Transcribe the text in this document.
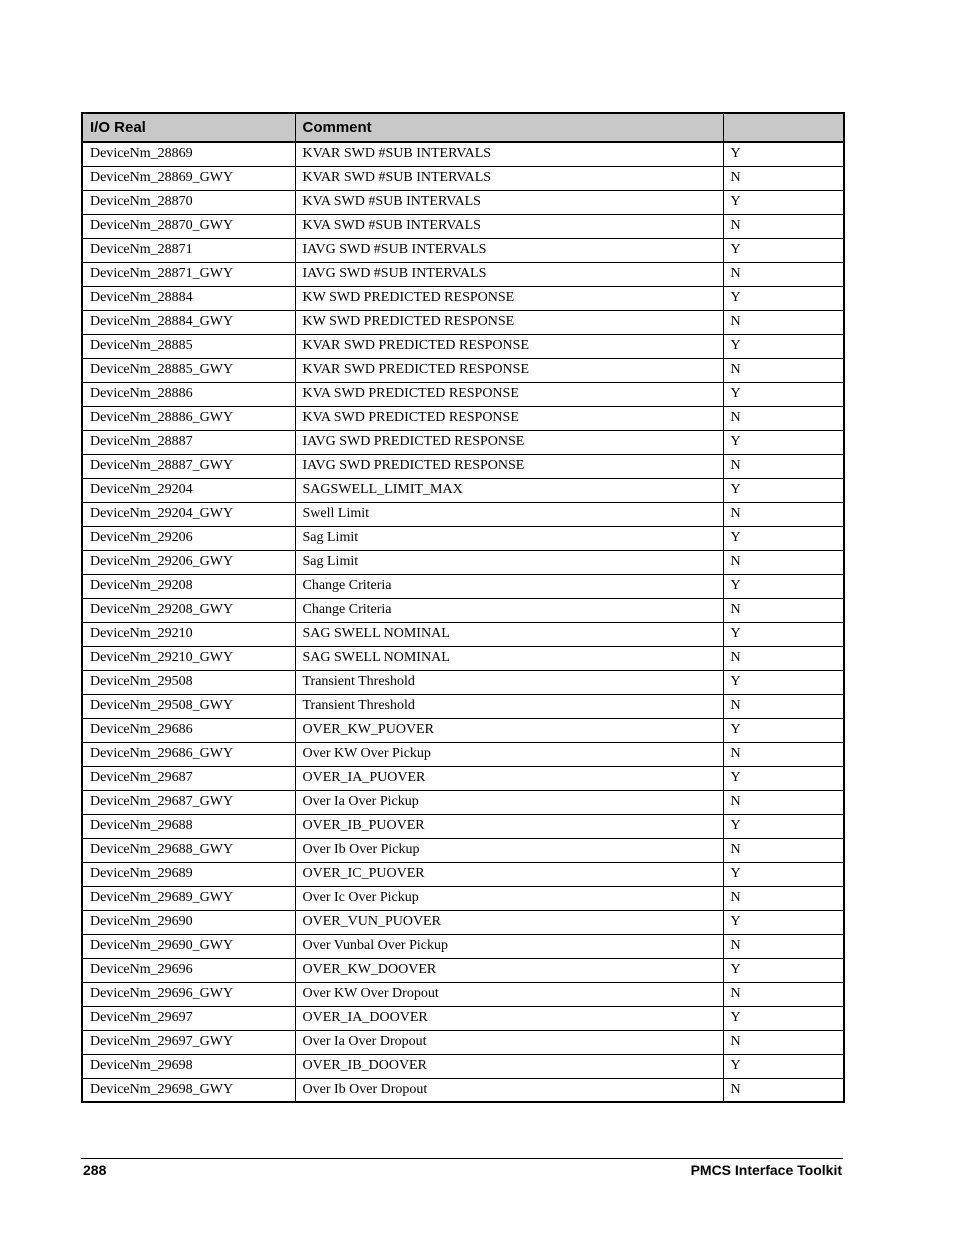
I/O Real	Comment	
DeviceNm_28869	KVAR SWD #SUB INTERVALS	Y
DeviceNm_28869_GWY	KVAR SWD #SUB INTERVALS	N
DeviceNm_28870	KVA SWD #SUB INTERVALS	Y
DeviceNm_28870_GWY	KVA SWD #SUB INTERVALS	N
DeviceNm_28871	IAVG SWD #SUB INTERVALS	Y
DeviceNm_28871_GWY	IAVG SWD #SUB INTERVALS	N
DeviceNm_28884	KW SWD PREDICTED RESPONSE	Y
DeviceNm_28884_GWY	KW SWD PREDICTED RESPONSE	N
DeviceNm_28885	KVAR SWD PREDICTED RESPONSE	Y
DeviceNm_28885_GWY	KVAR SWD PREDICTED RESPONSE	N
DeviceNm_28886	KVA SWD PREDICTED RESPONSE	Y
DeviceNm_28886_GWY	KVA SWD PREDICTED RESPONSE	N
DeviceNm_28887	IAVG SWD PREDICTED RESPONSE	Y
DeviceNm_28887_GWY	IAVG SWD PREDICTED RESPONSE	N
DeviceNm_29204	SAGSWELL_LIMIT_MAX	Y
DeviceNm_29204_GWY	Swell Limit	N
DeviceNm_29206	Sag Limit	Y
DeviceNm_29206_GWY	Sag Limit	N
DeviceNm_29208	Change Criteria	Y
DeviceNm_29208_GWY	Change Criteria	N
DeviceNm_29210	SAG SWELL NOMINAL	Y
DeviceNm_29210_GWY	SAG SWELL NOMINAL	N
DeviceNm_29508	Transient Threshold	Y
DeviceNm_29508_GWY	Transient Threshold	N
DeviceNm_29686	OVER_KW_PUOVER	Y
DeviceNm_29686_GWY	Over KW Over Pickup	N
DeviceNm_29687	OVER_IA_PUOVER	Y
DeviceNm_29687_GWY	Over Ia Over Pickup	N
DeviceNm_29688	OVER_IB_PUOVER	Y
DeviceNm_29688_GWY	Over Ib Over Pickup	N
DeviceNm_29689	OVER_IC_PUOVER	Y
DeviceNm_29689_GWY	Over Ic Over Pickup	N
DeviceNm_29690	OVER_VUN_PUOVER	Y
DeviceNm_29690_GWY	Over Vunbal Over Pickup	N
DeviceNm_29696	OVER_KW_DOOVER	Y
DeviceNm_29696_GWY	Over KW Over Dropout	N
DeviceNm_29697	OVER_IA_DOOVER	Y
DeviceNm_29697_GWY	Over Ia Over Dropout	N
DeviceNm_29698	OVER_IB_DOOVER	Y
DeviceNm_29698_GWY	Over Ib Over Dropout	N
288	PMCS Interface Toolkit
